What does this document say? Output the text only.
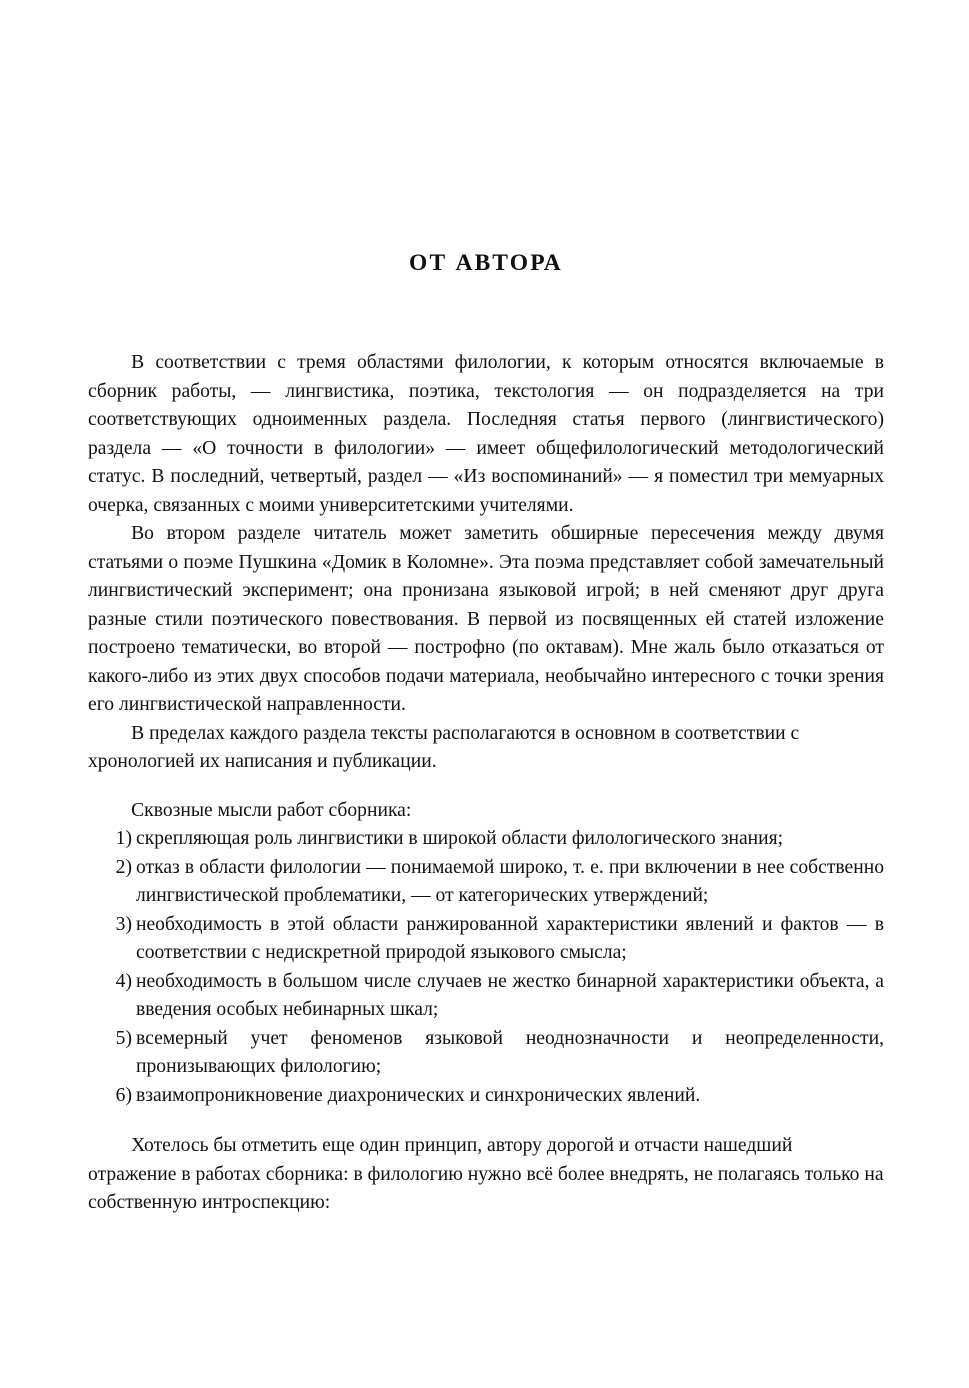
ОТ АВТОРА

В соответствии с тремя областями филологии, к которым относятся включаемые в сборник работы, — лингвистика, поэтика, текстология — он подразделяется на три соответствующих одноименных раздела. Последняя статья первого (лингвистического) раздела — «О точности в филологии» — имеет общефилологический методологический статус. В последний, четвертый, раздел — «Из воспоминаний» — я поместил три мемуарных очерка, связанных с моими университетскими учителями.

Во втором разделе читатель может заметить обширные пересечения между двумя статьями о поэме Пушкина «Домик в Коломне». Эта поэма представляет собой замечательный лингвистический эксперимент; она пронизана языковой игрой; в ней сменяют друг друга разные стили поэтического повествования. В первой из посвященных ей статей изложение построено тематически, во второй — построфно (по октавам). Мне жаль было отказаться от какого-либо из этих двух способов подачи материала, необычайно интересного с точки зрения его лингвистической направленности.

В пределах каждого раздела тексты располагаются в основном в соответствии с хронологией их написания и публикации.

Сквозные мысли работ сборника:

1) скрепляющая роль лингвистики в широкой области филологического знания;
2) отказ в области филологии — понимаемой широко, т. е. при включении в нее собственно лингвистической проблематики, — от категорических утверждений;
3) необходимость в этой области ранжированной характеристики явлений и фактов — в соответствии с недискретной природой языкового смысла;
4) необходимость в большом числе случаев не жестко бинарной характеристики объекта, а введения особых небинарных шкал;
5) всемерный учет феноменов языковой неоднозначности и неопределенности, пронизывающих филологию;
6) взаимопроникновение диахронических и синхронических явлений.

Хотелось бы отметить еще один принцип, автору дорогой и отчасти нашедший отражение в работах сборника: в филологию нужно всё более внедрять, не полагаясь только на собственную интроспекцию:
